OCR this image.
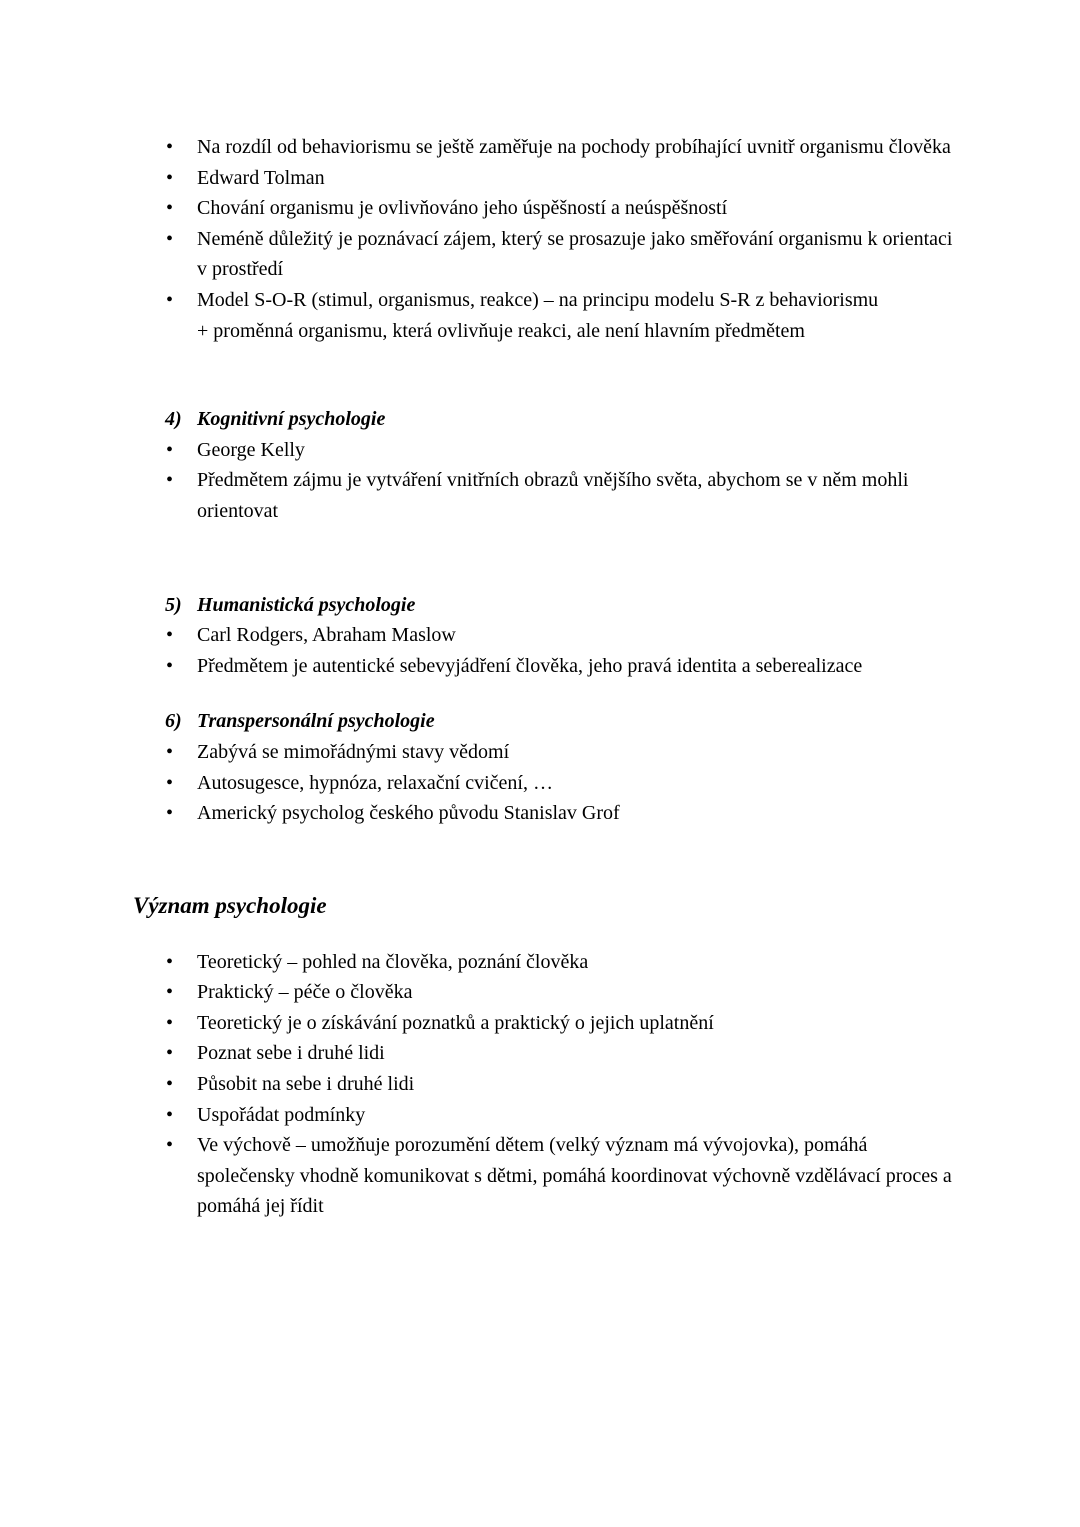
• Na rozdíl od behaviorismu se ještě zaměřuje na pochody probíhající uvnitř organismu člověka
• Edward Tolman
• Chování organismu je ovlivňováno jeho úspěšností a neúspěšností
• Neméně důležitý je poznávací zájem, který se prosazuje jako směřování organismu k orientaci v prostředí
• Model S-O-R (stimul, organismus, reakce) – na principu modelu S-R z behaviorismu + proměnná organismu, která ovlivňuje reakci, ale není hlavním předmětem
4) Kognitivní psychologie
• George Kelly
• Předmětem zájmu je vytváření vnitřních obrazů vnějšího světa, abychom se v něm mohli orientovat
5) Humanistická psychologie
• Carl Rodgers, Abraham Maslow
• Předmětem je autentické sebevyjádření člověka, jeho pravá identita a seberealizace
6) Transpersonální psychologie
• Zabývá se mimořádnými stavy vědomí
• Autosugesce, hypnóza, relaxační cvičení, …
• Americký psycholog českého původu Stanislav Grof
Význam psychologie
• Teoretický – pohled na člověka, poznání člověka
• Praktický – péče o člověka
• Teoretický je o získávání poznatků a praktický o jejich uplatnění
• Poznat sebe i druhé lidi
• Působit na sebe i druhé lidi
• Uspořádat podmínky
• Ve výchově – umožňuje porozumění dětem (velký význam má vývojovka), pomáhá společensky vhodně komunikovat s dětmi, pomáhá koordinovat výchovně vzdělávací proces a pomáhá jej řídit
